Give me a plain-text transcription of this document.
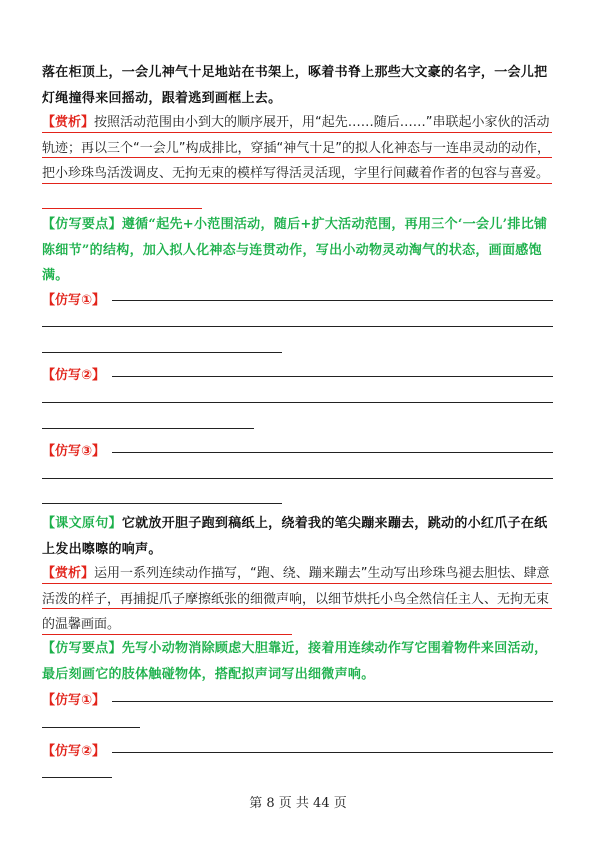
落在柜顶上，一会儿神气十足地站在书架上，啄着书脊上那些大文豪的名字，一会儿把灯绳撞得来回摇动，跟着逃到画框上去。

【赏析】按照活动范围由小到大的顺序展开，用“起先……随后……”串联起小家伙的活动轨迹；再以三个“一会儿”构成排比，穿插“神气十足”的拟人化神态与一连串灵动的动作，把小珍珠鸟活泼调皮、无拘无束的模样写得活灵活现，字里行间藏着作者的包容与喜爱。

【仿写要点】遵循“起先+小范围活动，随后+扩大活动范围，再用三个‘一会儿’排比铺陈细节”的结构，加入拟人化神态与连贯动作，写出小动物灵动淘气的状态，画面感饱满。

【仿写①】
【仿写②】
【仿写③】

【课文原句】它就放开胆子跑到稿纸上，绕着我的笔尖蹦来蹦去，跳动的小红爪子在纸上发出嚓嚓的响声。

【赏析】运用一系列连续动作描写，“跑、绕、蹦来蹦去”生动写出珍珠鸟褪去胆怯、肆意活泼的样子，再捕捉爪子摩擦纸张的细微声响，以细节烘托小鸟全然信任主人、无拘无束的温馨画面。

【仿写要点】先写小动物消除顾虑大胆靠近，接着用连续动作写它围着物件来回活动，最后刻画它的肢体触碰物体，搭配拟声词写出细微声响。

【仿写①】
【仿写②】
第 8 页 共 44 页
